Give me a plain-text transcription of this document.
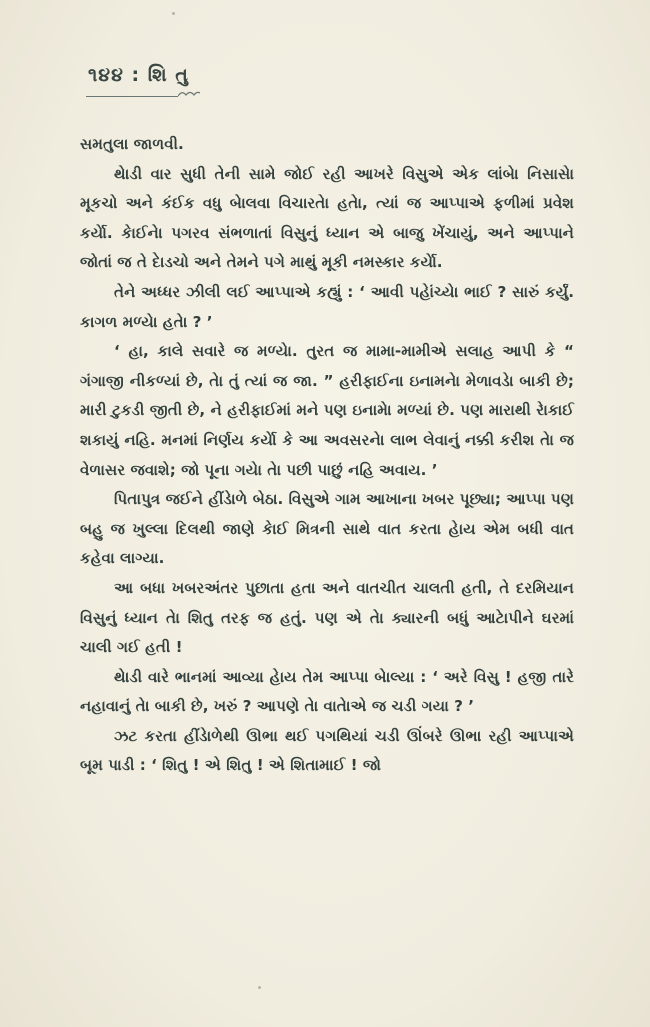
૧૪૪ : શિ તુ

સમતુલા જાળવી.

થેાડી વાર સુધી તેની સામે જોઈ રહી આખરે વિસુએ એક લાંબેા નિસાસેા મૂકચો અને કંઈક વધુ બેાલવા વિચારતેા હતેા, ત્યાં જ આપ્પાએ ફળીમાં પ્રવેશ કર્યાે. કેાઈનેા પગરવ સંભળાતાં વિસુનું ધ્યાન એ બાજુ ખેંચાયું, અને આપ્પાને જોતાં જ તે દેાડચો અને તેમને પગે માથું મૂકી નમસ્કાર કર્યાે.

તેને અધ્ધર ઝીલી લઈ આપ્પાએ કહ્યું : ‘ આવી પહેાંચ્યેા ભાઈ ? સારું કર્યું. કાગળ મળ્યેા હતેા ? ’

‘ હા, કાલે સવારે જ મળ્યેા. તુરત જ મામા-મામીએ સલાહ આપી કે “ ગંગાજી નીકળ્યાં છે, તેા તું ત્યાં જ જા. ” હરીફાઈના ઇનામનેા મેળાવડેા બાકી છે; મારી ટુકડી જીતી છે, ને હરીફાઈમાં મને પણ ઇનામેા મળ્યાં છે. પણ મારાથી રેાકાઈ શકાયું નહિ. મનમાં નિર્ણય કર્યાે કે આ અવસરનેા લાભ લેવાનું નક્કી કરીશ તેા જ વેળાસર જવાશે; જો પૂના ગયેા તેા પછી પાછું નહિ અવાય. ’

પિતાપુત્ર જઈને હીંડાેળે બેઠા. વિસુએ ગામ આખાના ખબર પૂછ્યા; આપ્પા પણ બહુ જ ખુલ્લા દિલથી જાણે કેાઈ મિત્રની સાથે વાત કરતા હેાય એમ બધી વાત કહેવા લાગ્યા.

આ બધા ખબરઅંતર પુછાતા હતા અને વાતચીત ચાલતી હતી, તે દરમિયાન વિસુનું ધ્યાન તેા શિતુ તરફ જ હતું. પણ એ તેા ક્યારની બધું આટેાપીને ઘરમાં ચાલી ગઈ હતી !

થેાડી વારે ભાનમાં આવ્યા હેાય તેમ આપ્પા બેાલ્યા : ‘ અરે વિસુ ! હજી તારે નહાવાનું તેા બાકી છે, ખરું ? આપણે તેા વાતેાએ જ ચડી ગયા ? ’

ઝટ કરતા હીંડેાળેથી ઊભા થઈ પગથિયાં ચડી ઊંબરે ઊભા રહી આપ્પાએ બૂમ પાડી : ‘ શિતુ ! એ શિતુ ! એ શિતામાઈ ! જો
